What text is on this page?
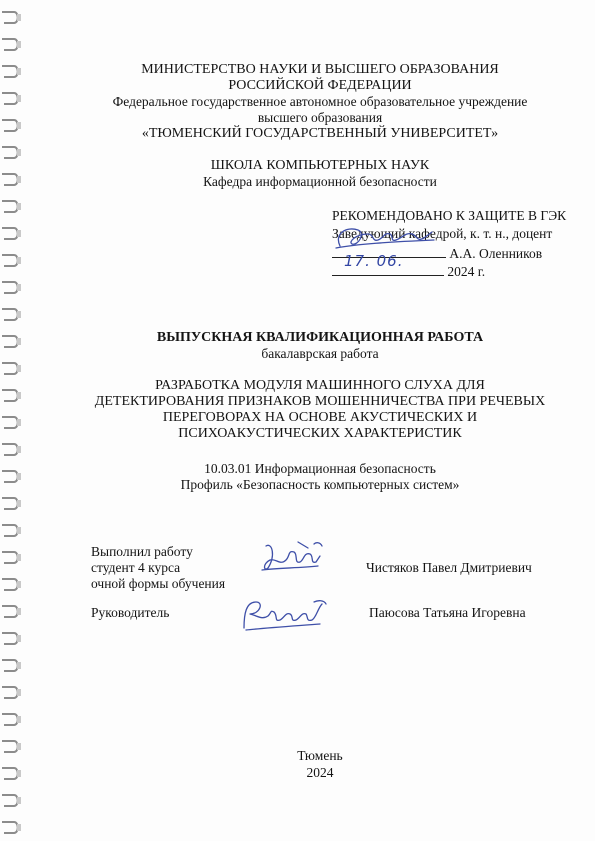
МИНИСТЕРСТВО НАУКИ И ВЫСШЕГО ОБРАЗОВАНИЯ
РОССИЙСКОЙ ФЕДЕРАЦИИ
Федеральное государственное автономное образовательное учреждение
высшего образования
«ТЮМЕНСКИЙ ГОСУДАРСТВЕННЫЙ УНИВЕРСИТЕТ»
ШКОЛА КОМПЬЮТЕРНЫХ НАУК
Кафедра информационной безопасности
РЕКОМЕНДОВАНО К ЗАЩИТЕ В ГЭК
Заведующий кафедрой, к. т. н., доцент
А.А. Оленников
2024 г.
17. 06.
ВЫПУСКНАЯ КВАЛИФИКАЦИОННАЯ РАБОТА
бакалаврская работа
РАЗРАБОТКА МОДУЛЯ МАШИННОГО СЛУХА ДЛЯ
ДЕТЕКТИРОВАНИЯ ПРИЗНАКОВ МОШЕННИЧЕСТВА ПРИ РЕЧЕВЫХ
ПЕРЕГОВОРАХ НА ОСНОВЕ АКУСТИЧЕСКИХ И
ПСИХОАКУСТИЧЕСКИХ ХАРАКТЕРИСТИК
10.03.01 Информационная безопасность
Профиль «Безопасность компьютерных систем»
Выполнил работу
студент 4 курса
очной формы обучения
Чистяков Павел Дмитриевич
Руководитель	Паюсова Татьяна Игоревна
Тюмень
2024
